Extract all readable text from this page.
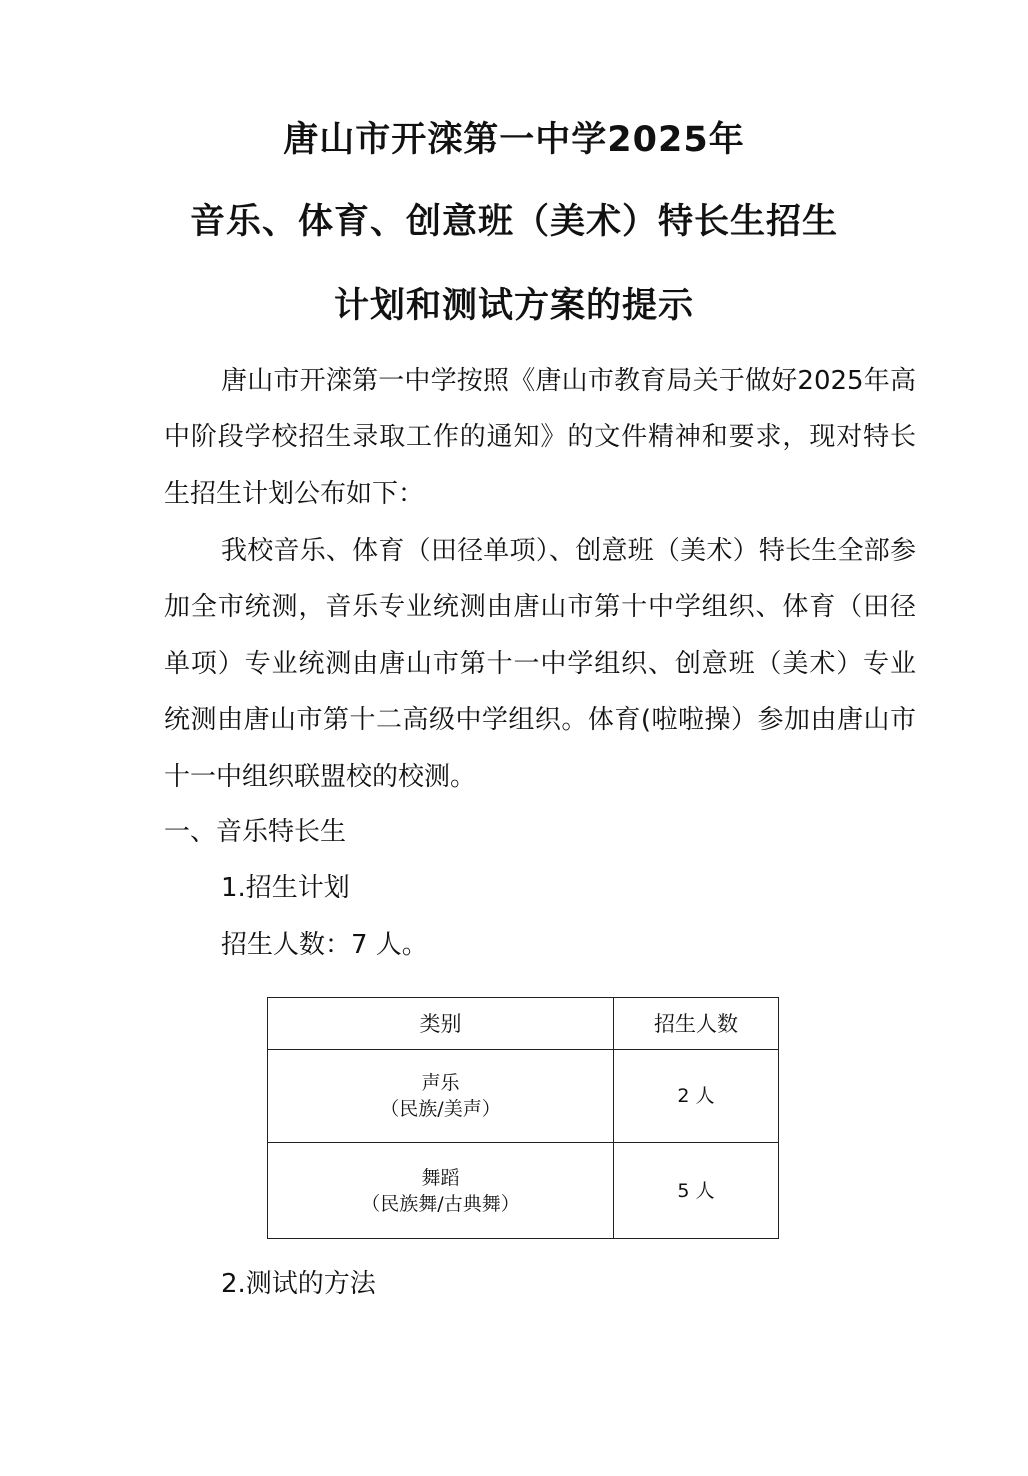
唐山市开滦第一中学2025年
音乐、体育、创意班（美术）特长生招生
计划和测试方案的提示
唐山市开滦第一中学按照《唐山市教育局关于做好2025年高中阶段学校招生录取工作的通知》的文件精神和要求，现对特长生招生计划公布如下：
我校音乐、体育（田径单项）、创意班（美术）特长生全部参加全市统测，音乐专业统测由唐山市第十中学组织、体育（田径单项）专业统测由唐山市第十一中学组织、创意班（美术）专业统测由唐山市第十二高级中学组织。体育(啦啦操）参加由唐山市十一中组织联盟校的校测。
一、音乐特长生
1.招生计划
招生人数：7 人。
类别	招生人数

声乐
（民族/美声）	2 人

舞蹈
（民族舞/古典舞）	5 人
2.测试的方法
